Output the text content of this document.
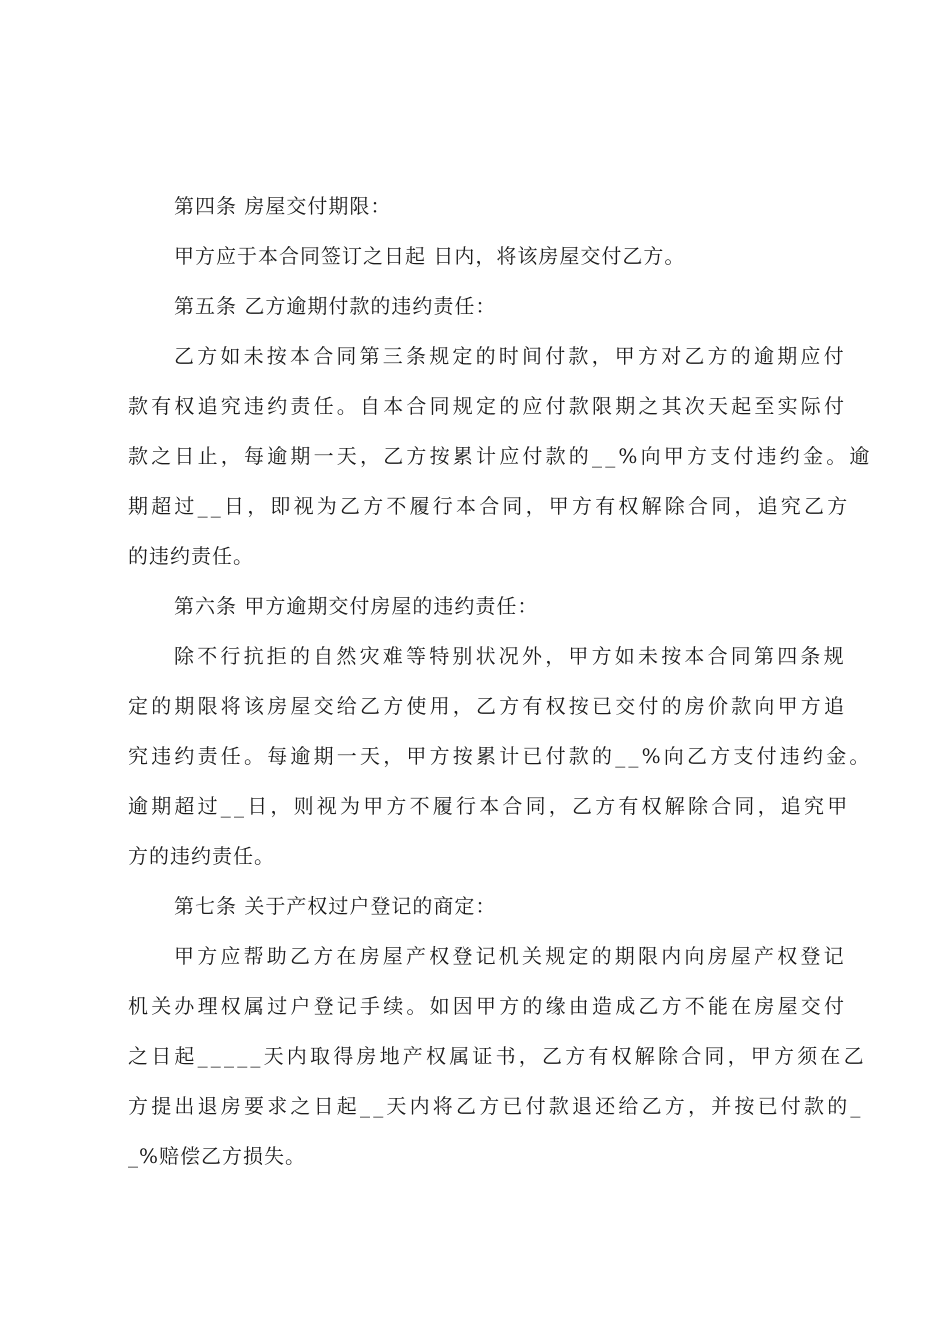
第四条 房屋交付期限：
甲方应于本合同签订之日起 日内，将该房屋交付乙方。
第五条 乙方逾期付款的违约责任：
乙方如未按本合同第三条规定的时间付款，甲方对乙方的逾期应付
款有权追究违约责任。自本合同规定的应付款限期之其次天起至实际付
款之日止，每逾期一天，乙方按累计应付款的__%向甲方支付违约金。逾
期超过__日，即视为乙方不履行本合同，甲方有权解除合同，追究乙方
的违约责任。
第六条 甲方逾期交付房屋的违约责任：
除不行抗拒的自然灾难等特别状况外，甲方如未按本合同第四条规
定的期限将该房屋交给乙方使用，乙方有权按已交付的房价款向甲方追
究违约责任。每逾期一天，甲方按累计已付款的__%向乙方支付违约金。
逾期超过__日，则视为甲方不履行本合同，乙方有权解除合同，追究甲
方的违约责任。
第七条 关于产权过户登记的商定：
甲方应帮助乙方在房屋产权登记机关规定的期限内向房屋产权登记
机关办理权属过户登记手续。如因甲方的缘由造成乙方不能在房屋交付
之日起_____天内取得房地产权属证书，乙方有权解除合同，甲方须在乙
方提出退房要求之日起__天内将乙方已付款退还给乙方，并按已付款的_
_%赔偿乙方损失。
